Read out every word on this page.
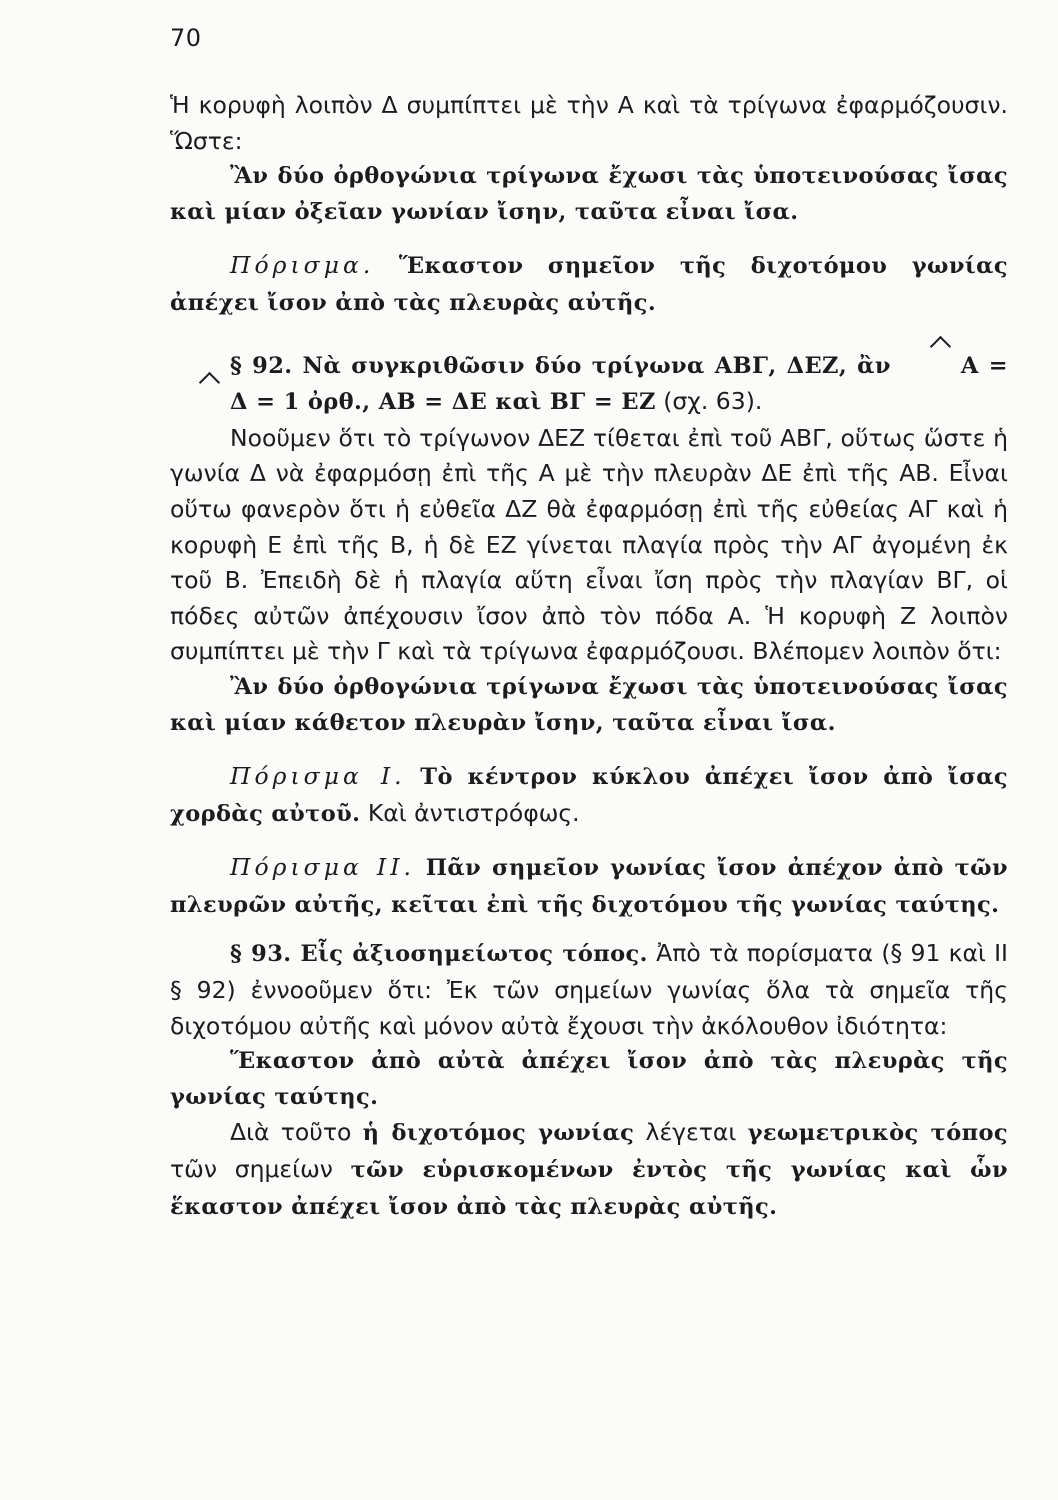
70

Ἡ κορυφὴ λοιπὸν Δ συμπίπτει μὲ τὴν Α καὶ τὰ τρίγωνα ἐφαρμόζουσιν. Ὥστε:

Ἂν δύο ὀρθογώνια τρίγωνα ἔχωσι τὰς ὑποτεινούσας ἴσας καὶ μίαν ὀξεῖαν γωνίαν ἴσην, ταῦτα εἶναι ἴσα.

Πόρισμα. Ἕκαστον σημεῖον τῆς διχοτόμου γωνίας ἀπέχει ἴσον ἀπὸ τὰς πλευρὰς αὐτῆς.

§ 92. Νὰ συγκριθῶσιν δύο τρίγωνα ΑΒΓ, ΔΕΖ, ἂν	Α = Δ = 1 ὀρθ., ΑΒ = ΔΕ καὶ ΒΓ = ΕΖ (σχ. 63).

Νοοῦμεν ὅτι τὸ τρίγωνον ΔΕΖ τίθεται ἐπὶ τοῦ ΑΒΓ, οὕτως ὥστε ἡ γωνία Δ νὰ ἐφαρμόσῃ ἐπὶ τῆς Α μὲ τὴν πλευρὰν ΔΕ ἐπὶ τῆς ΑΒ. Εἶναι οὕτω φανερὸν ὅτι ἡ εὐθεῖα ΔΖ θὰ ἐφαρμόσῃ ἐπὶ τῆς εὐθείας ΑΓ καὶ ἡ κορυφὴ Ε ἐπὶ τῆς Β, ἡ δὲ ΕΖ γίνεται πλαγία πρὸς τὴν ΑΓ ἀγομένη ἐκ τοῦ Β. Ἐπειδὴ δὲ ἡ πλαγία αὕτη εἶναι ἴση πρὸς τὴν πλαγίαν ΒΓ, οἱ πόδες αὐτῶν ἀπέχουσιν ἴσον ἀπὸ τὸν πόδα Α. Ἡ κορυφὴ Ζ λοιπὸν συμπίπτει μὲ τὴν Γ καὶ τὰ τρίγωνα ἐφαρμόζουσι. Βλέπομεν λοιπὸν ὅτι:

Ἂν δύο ὀρθογώνια τρίγωνα ἔχωσι τὰς ὑποτεινούσας ἴσας καὶ μίαν κάθετον πλευρὰν ἴσην, ταῦτα εἶναι ἴσα.

Πόρισμα Ι. Τὸ κέντρον κύκλου ἀπέχει ἴσον ἀπὸ ἴσας χορδὰς αὐτοῦ. Καὶ ἀντιστρόφως.

Πόρισμα ΙΙ. Πᾶν σημεῖον γωνίας ἴσον ἀπέχον ἀπὸ τῶν πλευρῶν αὐτῆς, κεῖται ἐπὶ τῆς διχοτόμου τῆς γωνίας ταύτης.

§ 93. Εἷς ἀξιοσημείωτος τόπος. Ἀπὸ τὰ πορίσματα (§ 91 καὶ ΙΙ § 92) ἐννοοῦμεν ὅτι: Ἐκ τῶν σημείων γωνίας ὅλα τὰ σημεῖα τῆς διχοτόμου αὐτῆς καὶ μόνον αὐτὰ ἔχουσι τὴν ἀκόλουθον ἰδιότητα:

Ἕκαστον ἀπὸ αὐτὰ ἀπέχει ἴσον ἀπὸ τὰς πλευρὰς τῆς γωνίας ταύτης.

Διὰ τοῦτο ἡ διχοτόμος γωνίας λέγεται γεωμετρικὸς τόπος τῶν σημείων τῶν εὑρισκομένων ἐντὸς τῆς γωνίας καὶ ὧν ἕκαστον ἀπέχει ἴσον ἀπὸ τὰς πλευρὰς αὐτῆς.
